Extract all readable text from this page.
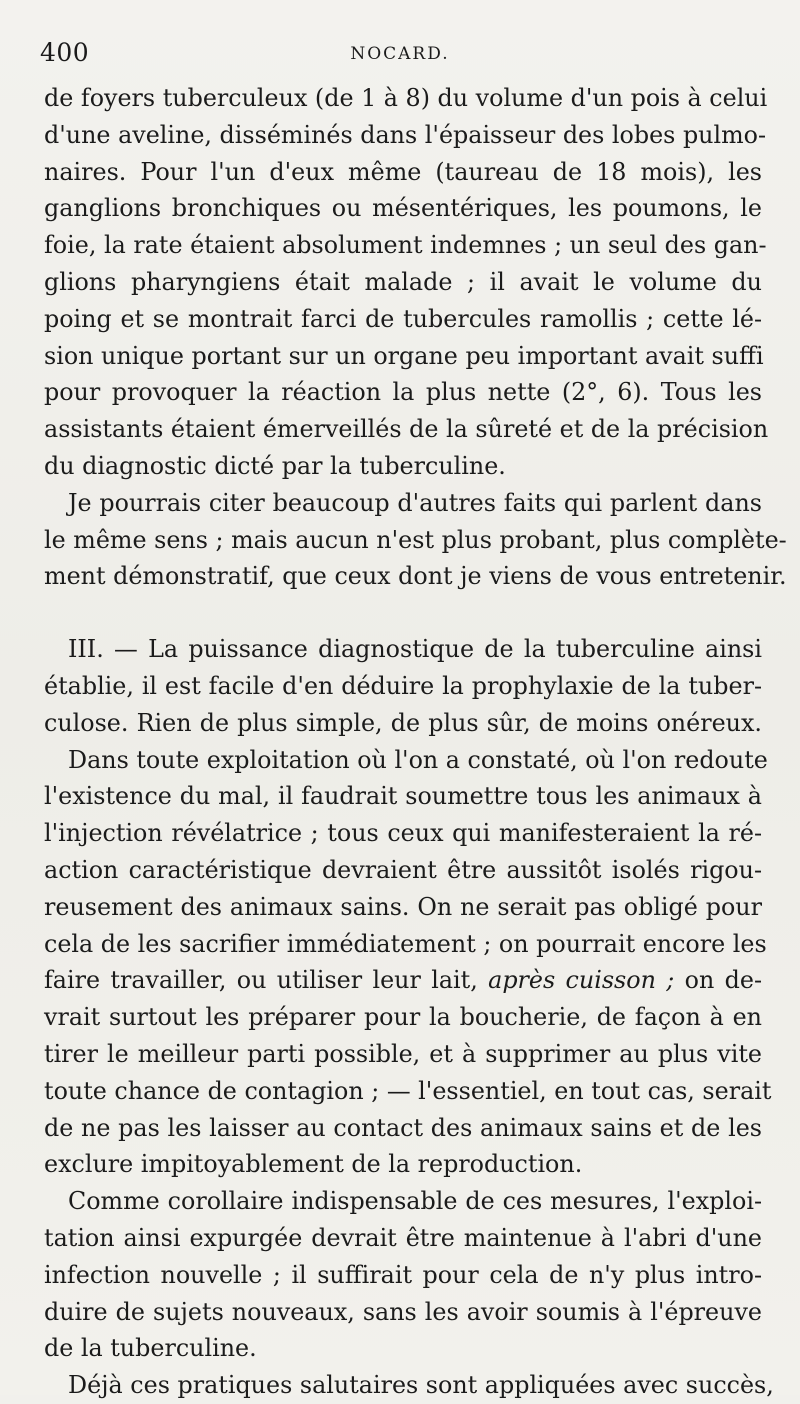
400	NOCARD.
de foyers tuberculeux (de 1 à 8) du volume d'un pois à celui
d'une aveline, disséminés dans l'épaisseur des lobes pulmo-
naires. Pour l'un d'eux même (taureau de 18 mois), les
ganglions bronchiques ou mésentériques, les poumons, le
foie, la rate étaient absolument indemnes ; un seul des gan-
glions pharyngiens était malade ; il avait le volume du
poing et se montrait farci de tubercules ramollis ; cette lé-
sion unique portant sur un organe peu important avait suffi
pour provoquer la réaction la plus nette (2°, 6). Tous les
assistants étaient émerveillés de la sûreté et de la précision
du diagnostic dicté par la tuberculine.
Je pourrais citer beaucoup d'autres faits qui parlent dans
le même sens ; mais aucun n'est plus probant, plus complète-
ment démonstratif, que ceux dont je viens de vous entretenir.
III. — La puissance diagnostique de la tuberculine ainsi
établie, il est facile d'en déduire la prophylaxie de la tuber-
culose. Rien de plus simple, de plus sûr, de moins onéreux.
Dans toute exploitation où l'on a constaté, où l'on redoute
l'existence du mal, il faudrait soumettre tous les animaux à
l'injection révélatrice ; tous ceux qui manifesteraient la ré-
action caractéristique devraient être aussitôt isolés rigou-
reusement des animaux sains. On ne serait pas obligé pour
cela de les sacrifier immédiatement ; on pourrait encore les
faire travailler, ou utiliser leur lait, après cuisson ; on de-
vrait surtout les préparer pour la boucherie, de façon à en
tirer le meilleur parti possible, et à supprimer au plus vite
toute chance de contagion ; — l'essentiel, en tout cas, serait
de ne pas les laisser au contact des animaux sains et de les
exclure impitoyablement de la reproduction.
Comme corollaire indispensable de ces mesures, l'exploi-
tation ainsi expurgée devrait être maintenue à l'abri d'une
infection nouvelle ; il suffirait pour cela de n'y plus intro-
duire de sujets nouveaux, sans les avoir soumis à l'épreuve
de la tuberculine.
Déjà ces pratiques salutaires sont appliquées avec succès,
